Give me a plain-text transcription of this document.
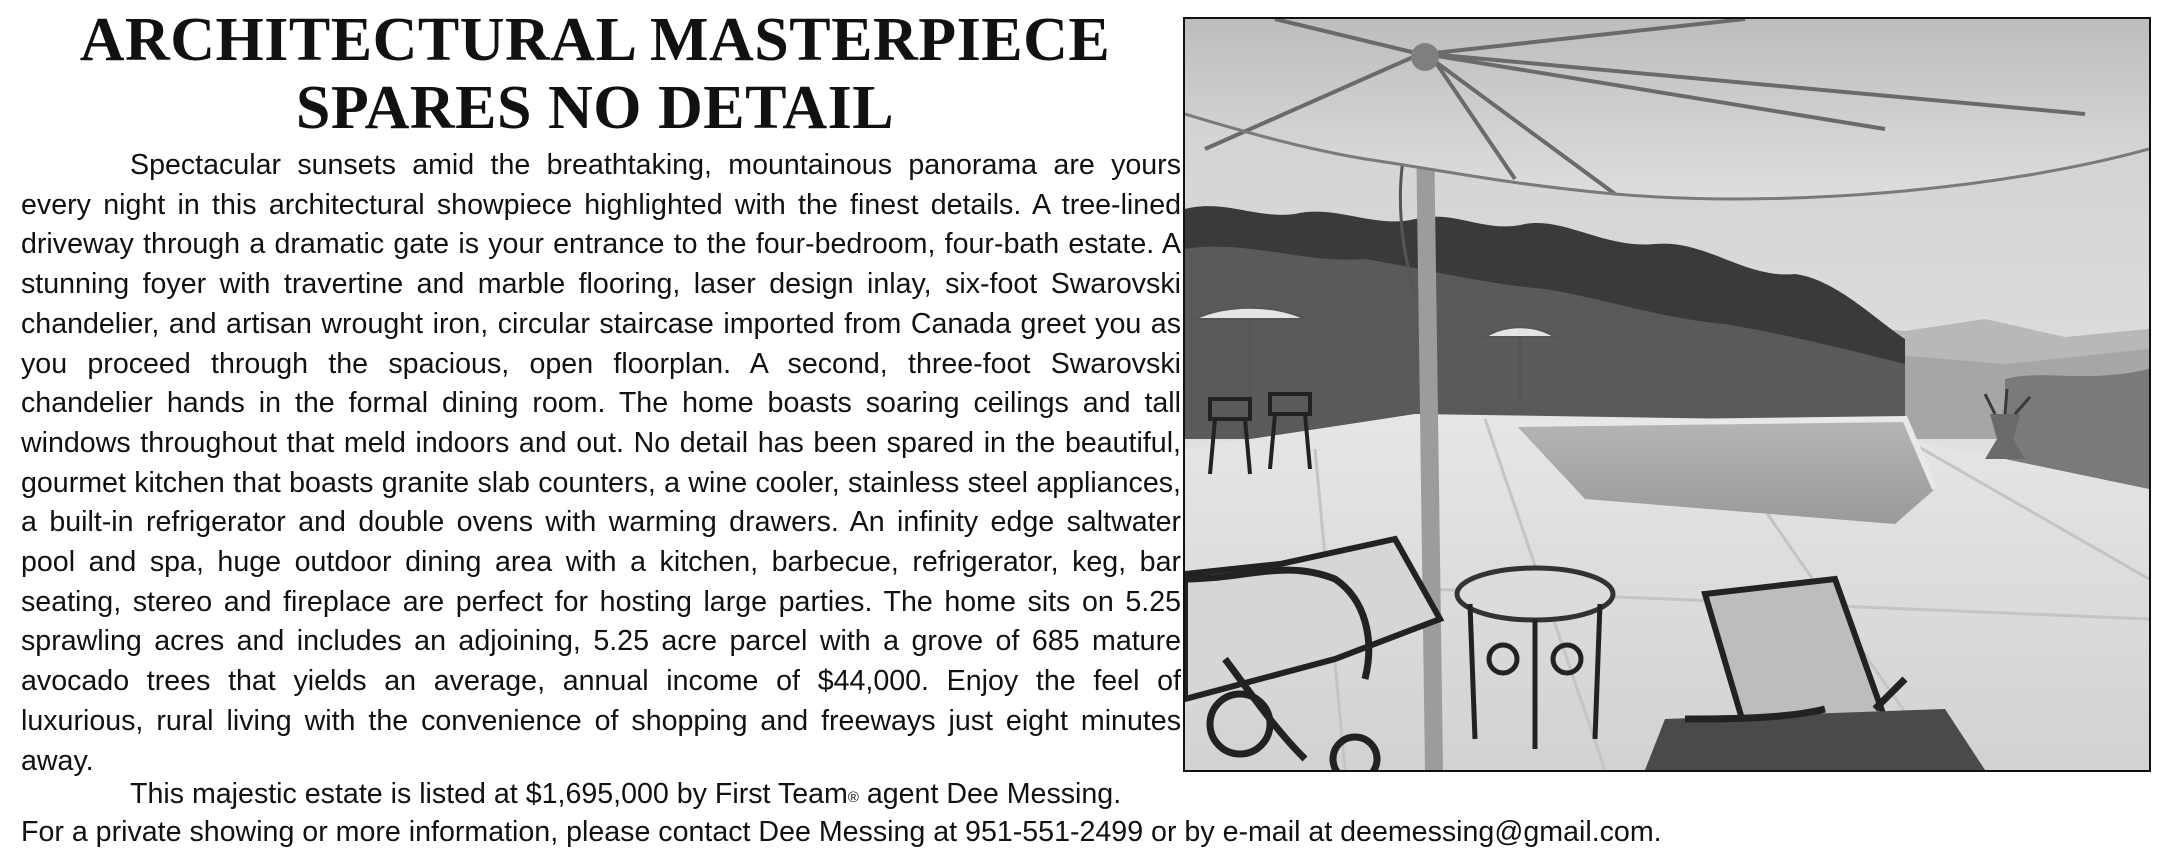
ARCHITECTURAL MASTERPIECE
SPARES NO DETAIL

Spectacular sunsets amid the breathtaking, mountainous panorama are yours every night in this architectural showpiece highlighted with the finest details. A tree-lined driveway through a dramatic gate is your entrance to the four-bedroom, four-bath estate. A stunning foyer with travertine and marble flooring, laser design inlay, six-foot Swarovski chandelier, and artisan wrought iron, circular staircase imported from Canada greet you as you proceed through the spacious, open floorplan. A second, three-foot Swarovski chandelier hands in the formal dining room. The home boasts soaring ceilings and tall windows throughout that meld indoors and out. No detail has been spared in the beautiful, gourmet kitchen that boasts granite slab counters, a wine cooler, stainless steel appliances, a built-in refrigerator and double ovens with warming drawers. An infinity edge saltwater pool and spa, huge outdoor dining area with a kitchen, barbecue, refrigerator, keg, bar seating, stereo and fireplace are perfect for hosting large parties. The home sits on 5.25 sprawling acres and includes an adjoining, 5.25 acre parcel with a grove of 685 mature avocado trees that yields an average, annual income of $44,000. Enjoy the feel of luxurious, rural living with the convenience of shopping and freeways just eight minutes away.

This majestic estate is listed at $1,695,000 by First Team® agent Dee Messing.
For a private showing or more information, please contact Dee Messing at 951-551-2499 or by e-mail at deemessing@gmail.com.
